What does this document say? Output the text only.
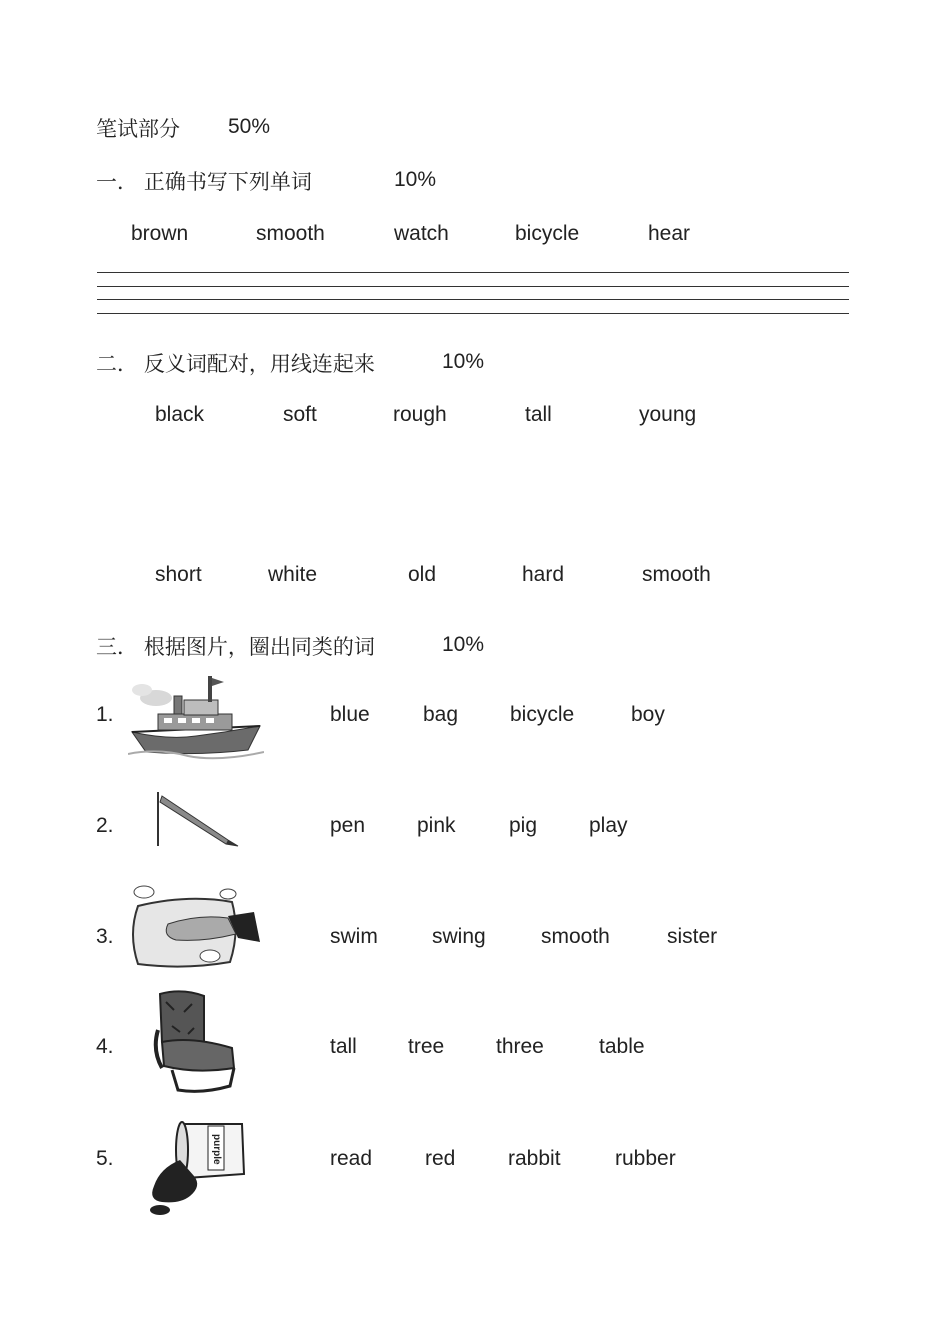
笔试部分 50%
一． 正确书写下列单词	10%
brown	smooth	watch	bicycle	hear
二． 反义词配对，用线连起来	10%
black	soft	rough	tall	young
short	white	old	hard	smooth
三． 根据图片，圈出同类的词	10%
1.	blue	bag bicycle	boy
2.	pen pink	pig play
3.	swim	swing	smooth	sister
4.	tall tree three	table
5.	purple	read	red	rabbit	rubber
